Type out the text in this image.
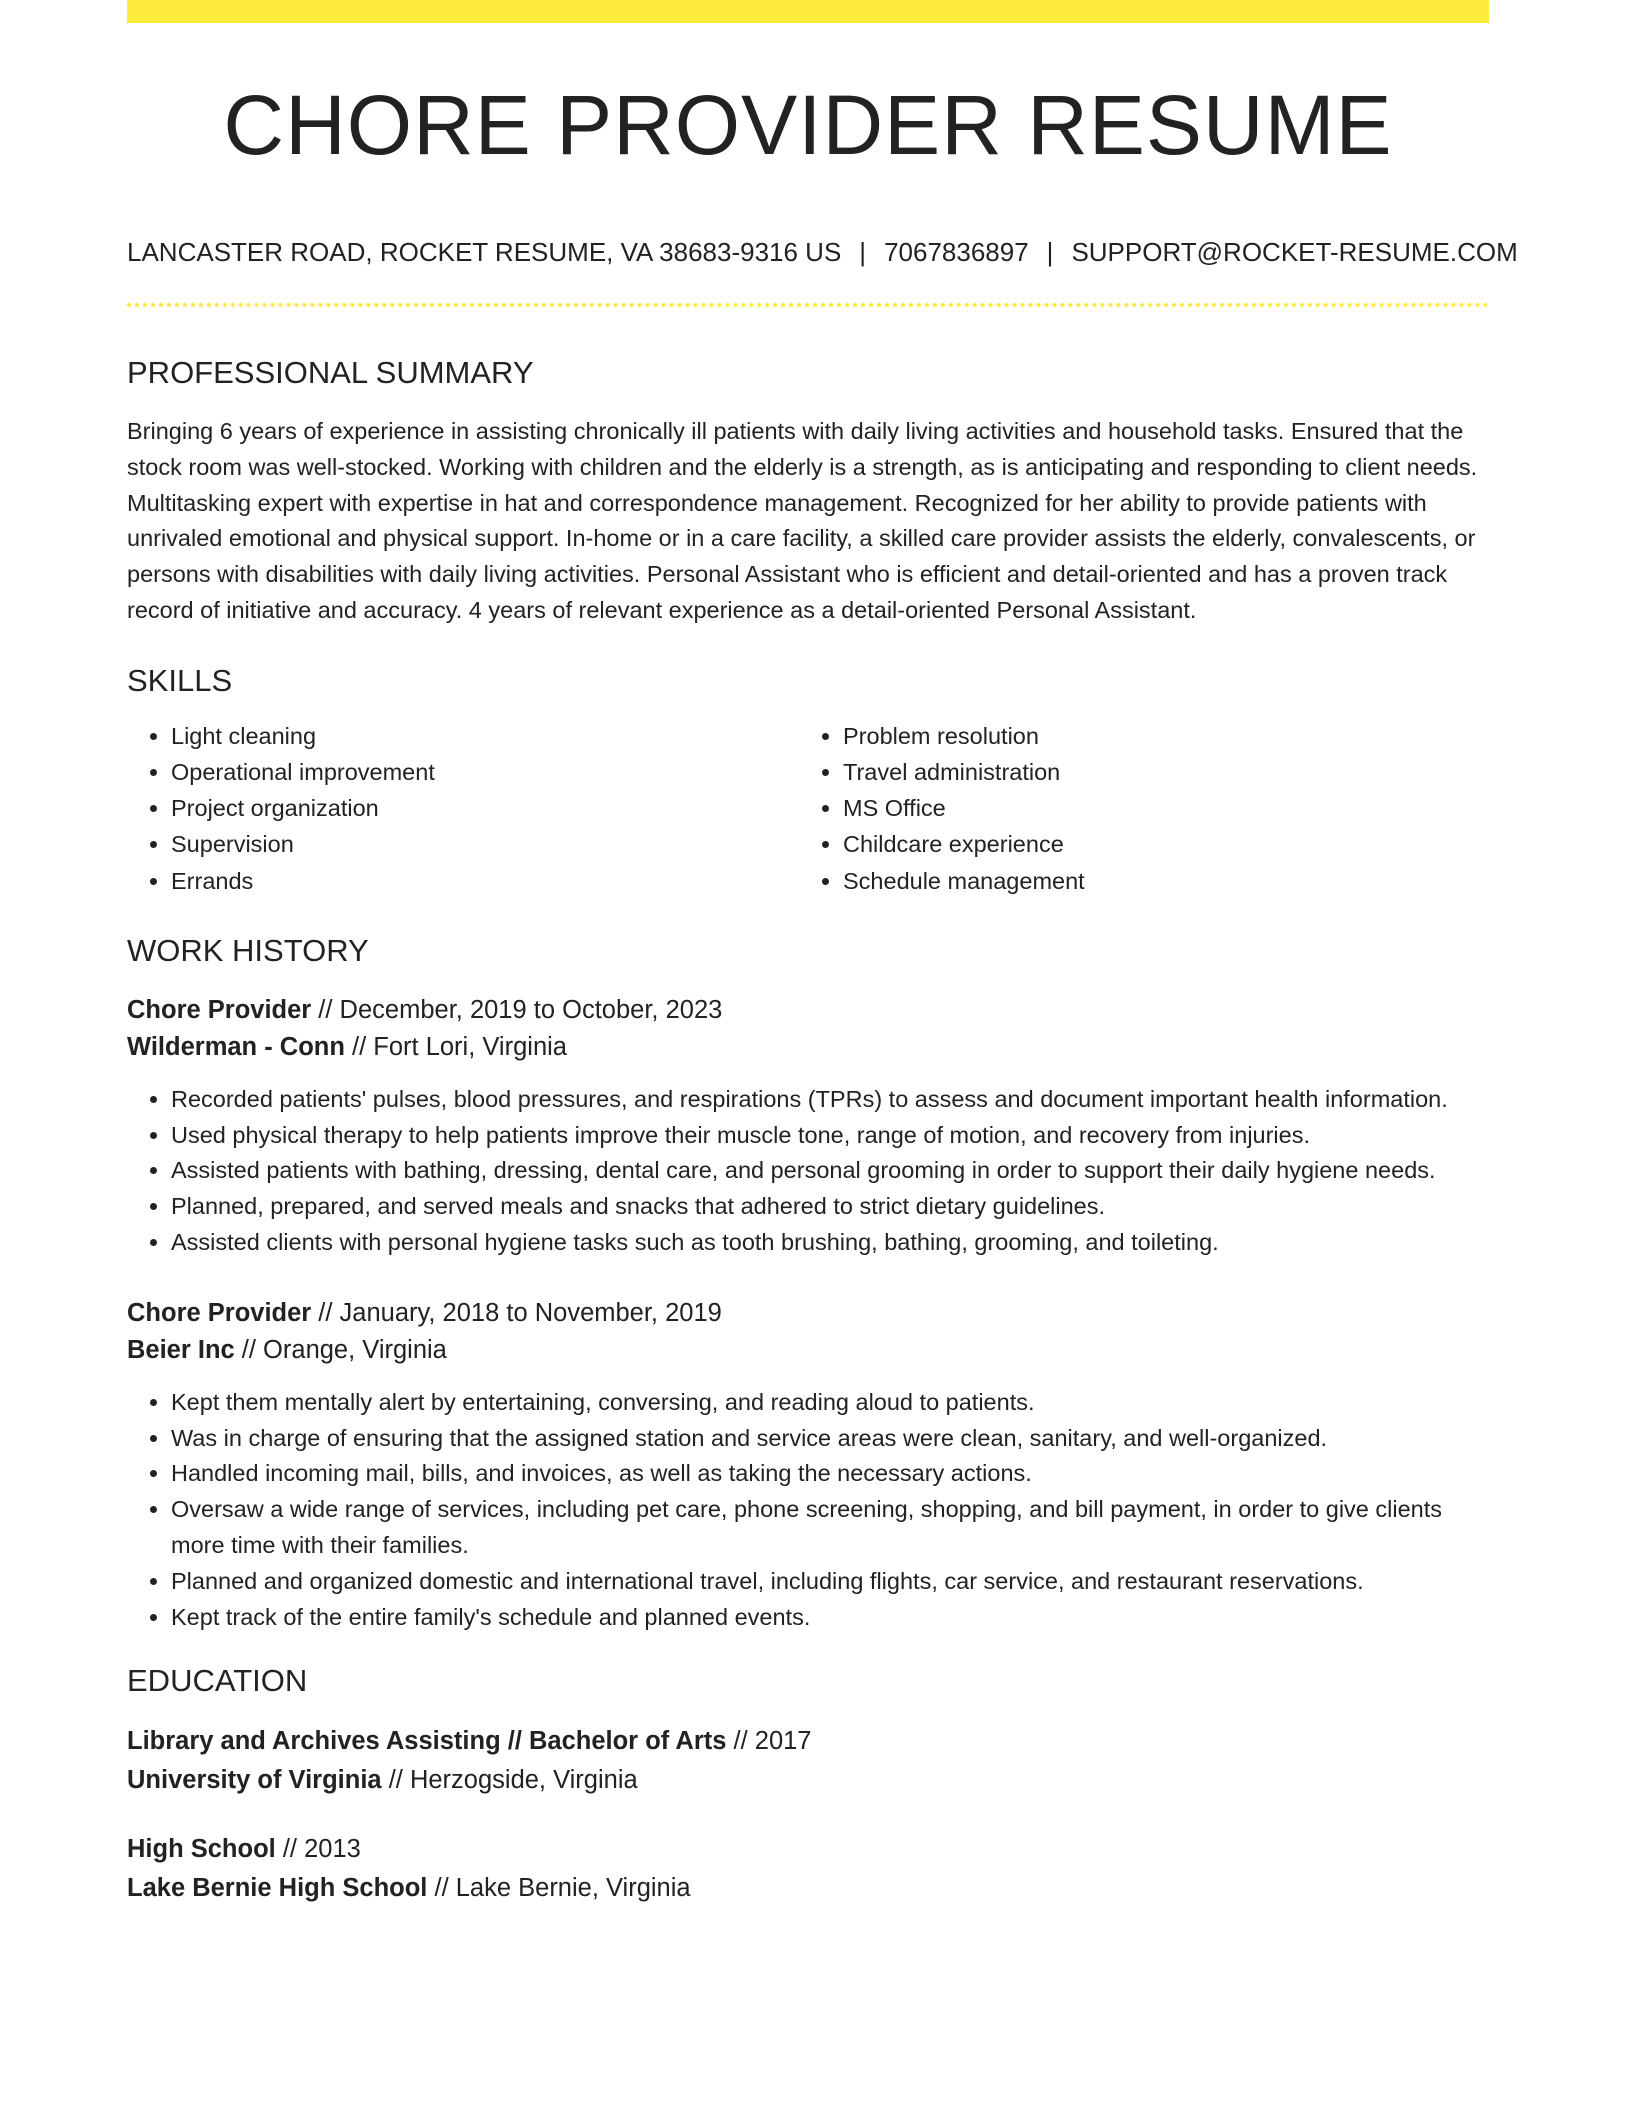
CHORE PROVIDER RESUME
LANCASTER ROAD, ROCKET RESUME, VA 38683-9316 US | 7067836897 | SUPPORT@ROCKET-RESUME.COM
PROFESSIONAL SUMMARY

Bringing 6 years of experience in assisting chronically ill patients with daily living activities and household tasks. Ensured that the stock room was well-stocked. Working with children and the elderly is a strength, as is anticipating and responding to client needs. Multitasking expert with expertise in hat and correspondence management. Recognized for her ability to provide patients with unrivaled emotional and physical support. In-home or in a care facility, a skilled care provider assists the elderly, convalescents, or persons with disabilities with daily living activities. Personal Assistant who is efficient and detail-oriented and has a proven track record of initiative and accuracy. 4 years of relevant experience as a detail-oriented Personal Assistant.

SKILLS
• Light cleaning
• Operational improvement
• Project organization
• Supervision
• Errands
• Problem resolution
• Travel administration
• MS Office
• Childcare experience
• Schedule management
WORK HISTORY
Chore Provider // December, 2019 to October, 2023
Wilderman - Conn // Fort Lori, Virginia
• Recorded patients' pulses, blood pressures, and respirations (TPRs) to assess and document important health information.
• Used physical therapy to help patients improve their muscle tone, range of motion, and recovery from injuries.
• Assisted patients with bathing, dressing, dental care, and personal grooming in order to support their daily hygiene needs.
• Planned, prepared, and served meals and snacks that adhered to strict dietary guidelines.
• Assisted clients with personal hygiene tasks such as tooth brushing, bathing, grooming, and toileting.
Chore Provider // January, 2018 to November, 2019
Beier Inc // Orange, Virginia
• Kept them mentally alert by entertaining, conversing, and reading aloud to patients.
• Was in charge of ensuring that the assigned station and service areas were clean, sanitary, and well-organized.
• Handled incoming mail, bills, and invoices, as well as taking the necessary actions.
• Oversaw a wide range of services, including pet care, phone screening, shopping, and bill payment, in order to give clients more time with their families.
• Planned and organized domestic and international travel, including flights, car service, and restaurant reservations.
• Kept track of the entire family's schedule and planned events.
EDUCATION
Library and Archives Assisting // Bachelor of Arts // 2017
University of Virginia // Herzogside, Virginia
High School // 2013
Lake Bernie High School // Lake Bernie, Virginia
